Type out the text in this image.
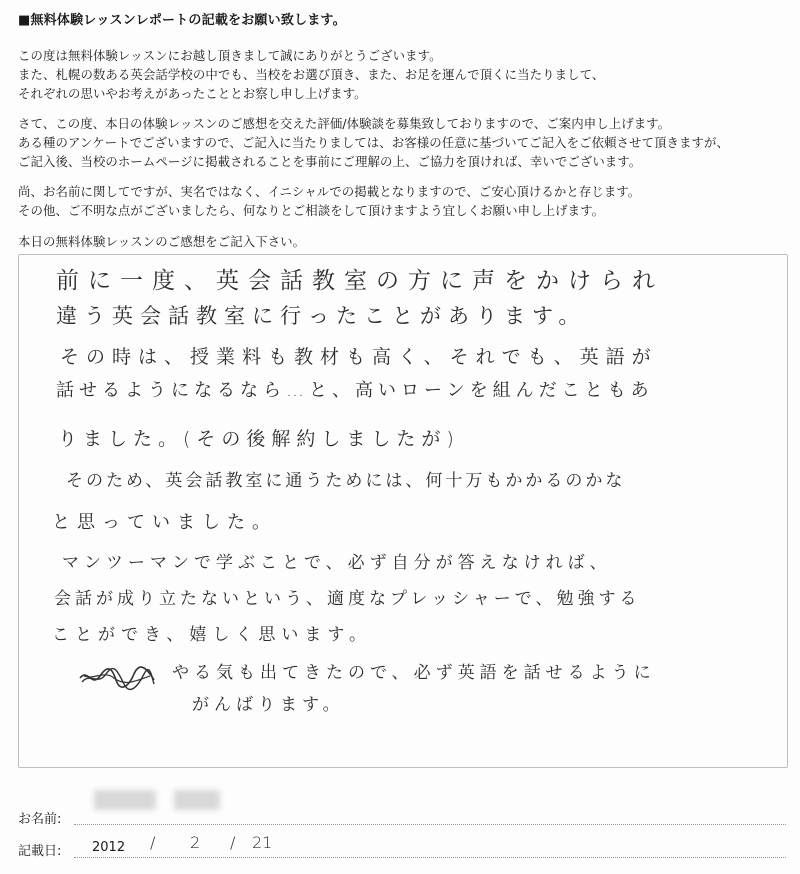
■無料体験レッスンレポートの記載をお願い致します。
この度は無料体験レッスンにお越し頂きまして誠にありがとうございます。
また、札幌の数ある英会話学校の中でも、当校をお選び頂き、また、お足を運んで頂くに当たりまして、
それぞれの思いやお考えがあったこととお察し申し上げます。
さて、この度、本日の体験レッスンのご感想を交えた評価/体験談を募集致しておりますので、ご案内申し上げます。
ある種のアンケートでございますので、ご記入に当たりましては、お客様の任意に基づいてご記入をご依頼させて頂きますが、
ご記入後、当校のホームページに掲載されることを事前にご理解の上、ご協力を頂ければ、幸いでございます。
尚、お名前に関してですが、実名ではなく、イニシャルでの掲載となりますので、ご安心頂けるかと存じます。
その他、ご不明な点がございましたら、何なりとご相談をして頂けますよう宜しくお願い申し上げます。
本日の無料体験レッスンのご感想をご記入下さい。
前に一度、英会話教室の方に声をかけられ
違う英会話教室に行ったことがあります。
その時は、授業料も教材も高く、それでも、英語が
話せるようになるなら…と、高いローンを組んだこともあ
りました。(その後解約しましたが)
そのため、英会話教室に通うためには、何十万もかかるのかな
と思っていました。
マンツーマンで学ぶことで、必ず自分が答えなければ、
会話が成り立たないという、適度なプレッシャーで、勉強する
ことができ、嬉しく思います。
やる気も出てきたので、必ず英語を話せるように
がんばります。
お名前:
記載日: 2012 / 2 / 21
